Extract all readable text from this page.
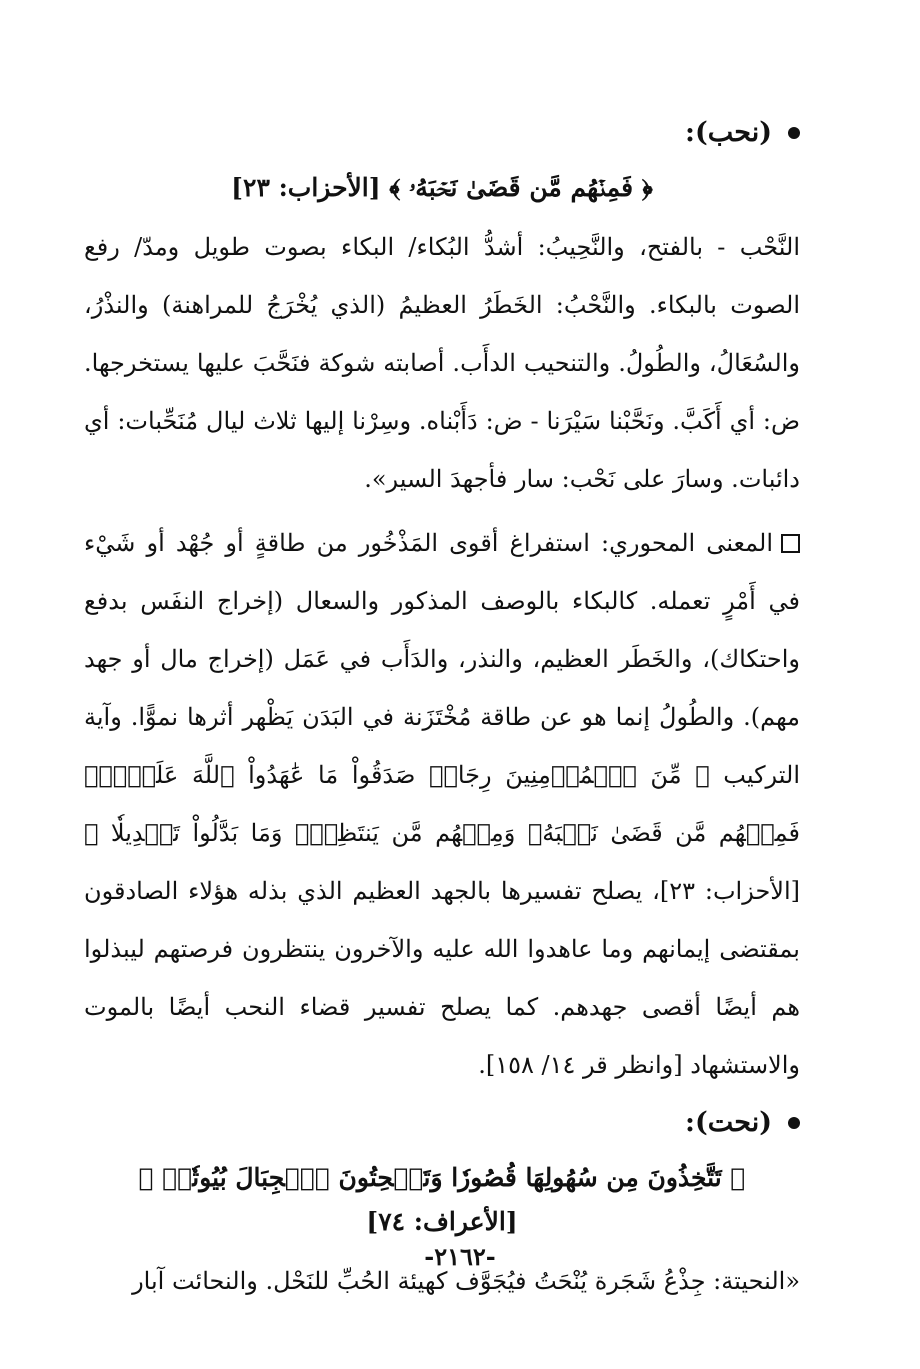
(نحب):
﴿ فَمِنۡهُم مَّن قَضَىٰ نَحۡبَهُۥ ﴾ [الأحزاب: ٢٣]

النَّحْب - بالفتح، والنَّحِيبُ: أشدُّ البُكاء/ البكاء بصوت طويل ومدّ/ رفع الصوت بالبكاء. والنَّحْبُ: الخَطَرُ العظيمُ (الذي يُخْرَجُ للمراهنة) والنذْرُ، والسُعَالُ، والطُولُ. والتنحيب الدأَب. أصابته شوكة فنَحَّبَ عليها يستخرجها. ض: أي أَكَبَّ. ونَحَّبْنا سَيْرَنا - ض: دَأَبْناه. وسِرْنا إليها ثلاث ليال مُنَحِّبات: أي دائبات. وسارَ على نَحْب: سار فأجهدَ السير».

المعنى المحوري: استفراغ أقوى المَذْخُور من طاقةٍ أو جُهْد أو شَيْء في أَمْرٍ تعمله. كالبكاء بالوصف المذكور والسعال (إخراج النفَس بدفع واحتكاك)، والخَطَر العظيم، والنذر، والدَأَب في عَمَل (إخراج مال أو جهد مهم). والطُولُ إنما هو عن طاقة مُخْتَزَنة في البَدَن يَظْهر أثرها نموًّا. وآية التركيب ﴿ مِّنَ ٱلۡمُؤۡمِنِينَ رِجَالٞ صَدَقُواْ مَا عَٰهَدُواْ ٱللَّهَ عَلَيۡهِۖ فَمِنۡهُم مَّن قَضَىٰ نَحۡبَهُۥ وَمِنۡهُم مَّن يَنتَظِرُۖ وَمَا بَدَّلُواْ تَبۡدِيلٗا ﴾ [الأحزاب: ٢٣]، يصلح تفسيرها بالجهد العظيم الذي بذله هؤلاء الصادقون بمقتضى إيمانهم وما عاهدوا الله عليه والآخرون ينتظرون فرصتهم ليبذلوا هم أيضًا أقصى جهدهم. كما يصلح تفسير قضاء النحب أيضًا بالموت والاستشهاد [وانظر قر ١٤/ ١٥٨].

(نحت):
﴿ تَتَّخِذُونَ مِن سُهُولِهَا قُصُورٗا وَتَنۡحِتُونَ ٱلۡجِبَالَ بُيُوتٗاۖ ﴾ [الأعراف: ٧٤]

«النحيتة: جِذْعُ شَجَرة يُنْحَتُ فيُجَوَّف كهيئة الحُبِّ للنَحْل. والنحائت آبار

-٢١٦٢-
